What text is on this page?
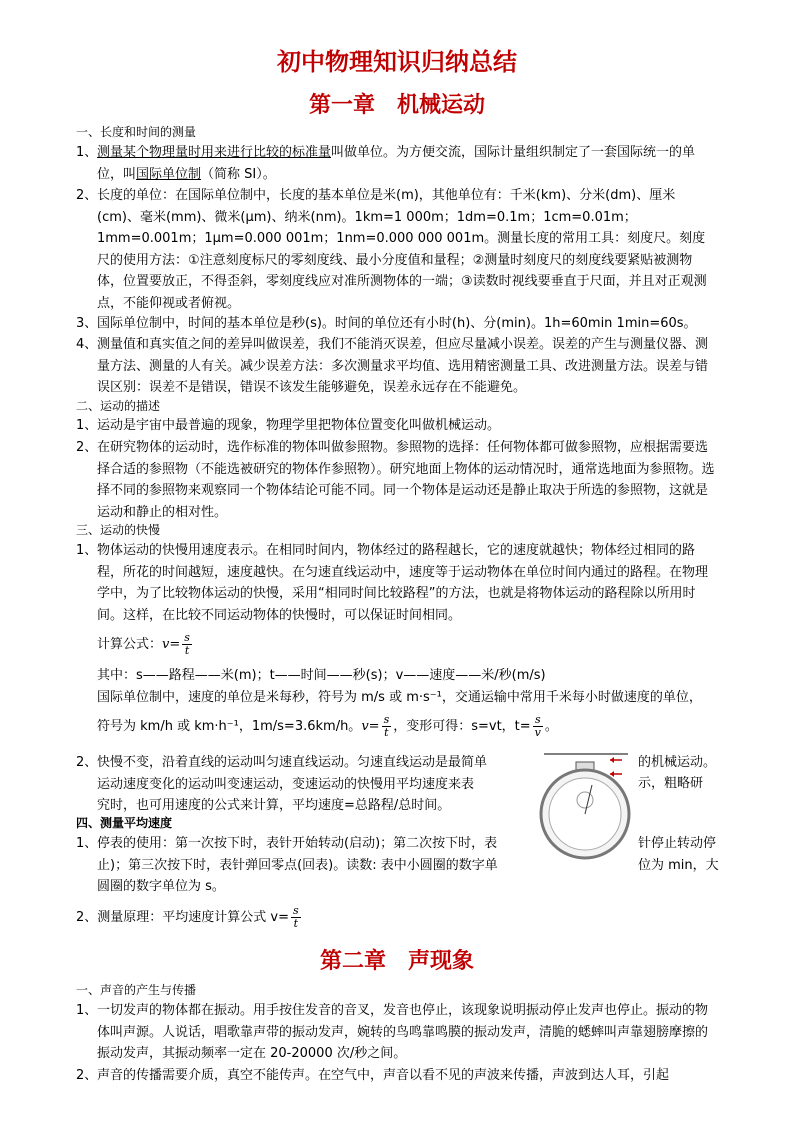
初中物理知识归纳总结
第一章　机械运动
一、长度和时间的测量
1、 测量某个物理量时用来进行比较的标准量叫做单位。为方便交流，国际计量组织制定了一套国际统一的单位，叫国际单位制（简称 SI）。
2、 长度的单位：在国际单位制中，长度的基本单位是米(m)，其他单位有：千米(km)、分米(dm)、厘米(cm)、毫米(mm)、微米(μm)、纳米(nm)。1km=1 000m；1dm=0.1m；1cm=0.01m；1mm=0.001m；1μm=0.000 001m；1nm=0.000 000 001m。测量长度的常用工具：刻度尺。刻度尺的使用方法：①注意刻度标尺的零刻度线、最小分度值和量程；②测量时刻度尺的刻度线要紧贴被测物体，位置要放正，不得歪斜，零刻度线应对准所测物体的一端；③读数时视线要垂直于尺面，并且对正观测点，不能仰视或者俯视。
3、 国际单位制中，时间的基本单位是秒(s)。时间的单位还有小时(h)、分(min)。1h=60min 1min=60s。
4、 测量值和真实值之间的差异叫做误差，我们不能消灭误差，但应尽量减小误差。误差的产生与测量仪器、测量方法、测量的人有关。减少误差方法：多次测量求平均值、选用精密测量工具、改进测量方法。误差与错误区别：误差不是错误，错误不该发生能够避免，误差永远存在不能避免。
二、运动的描述
1、 运动是宇宙中最普遍的现象，物理学里把物体位置变化叫做机械运动。
2、 在研究物体的运动时，选作标准的物体叫做参照物。参照物的选择：任何物体都可做参照物，应根据需要选择合适的参照物（不能选被研究的物体作参照物）。研究地面上物体的运动情况时，通常选地面为参照物。选择不同的参照物来观察同一个物体结论可能不同。同一个物体是运动还是静止取决于所选的参照物，这就是运动和静止的相对性。
三、运动的快慢
1、 物体运动的快慢用速度表示。在相同时间内，物体经过的路程越长，它的速度就越快；物体经过相同的路程，所花的时间越短，速度越快。在匀速直线运动中，速度等于运动物体在单位时间内通过的路程。在物理学中，为了比较物体运动的快慢，采用“相同时间比较路程”的方法，也就是将物体运动的路程除以所用时间。这样，在比较不同运动物体的快慢时，可以保证时间相同。
计算公式：$v= \frac{s}{t}$
其中：s——路程——米(m)；t——时间——秒(s)；v——速度——米/秒(m/s)
国际单位制中，速度的单位是米每秒，符号为 m/s 或 m·s⁻¹，交通运输中常用千米每小时做速度的单位，
符号为 km/h 或 km·h⁻¹，1m/s=3.6km/h。$v= \frac{s}{t}$ ，变形可得：s=vt，$t= \frac{s}{v}$ 。
2、 快慢不变，沿着直线的运动叫匀速直线运动。匀速直线运动是最简单
运动速度变化的运动叫变速运动，变速运动的快慢用平均速度来表
究时，也可用速度的公式来计算，平均速度=总路程/总时间。
的机械运动。
示，粗略研
四、测量平均速度
1、 停表的使用：第一次按下时，表针开始转动(启动)；第二次按下时，表
止)；第三次按下时，表针弹回零点(回表)。读数: 表中小圆圈的数字单
圆圈的数字单位为 s。
针停止转动停
位为 min，大
2、测量原理：平均速度计算公式 $v= \frac{s}{t}$
第二章　声现象
一、声音的产生与传播
1、 一切发声的物体都在振动。用手按住发音的音叉，发音也停止，该现象说明振动停止发声也停止。振动的物体叫声源。人说话，唱歌靠声带的振动发声，婉转的鸟鸣靠鸣膜的振动发声，清脆的蟋蟀叫声靠翅膀摩擦的振动发声，其振动频率一定在 20-20000 次/秒之间。
2、 声音的传播需要介质，真空不能传声。在空气中，声音以看不见的声波来传播，声波到达人耳，引起
